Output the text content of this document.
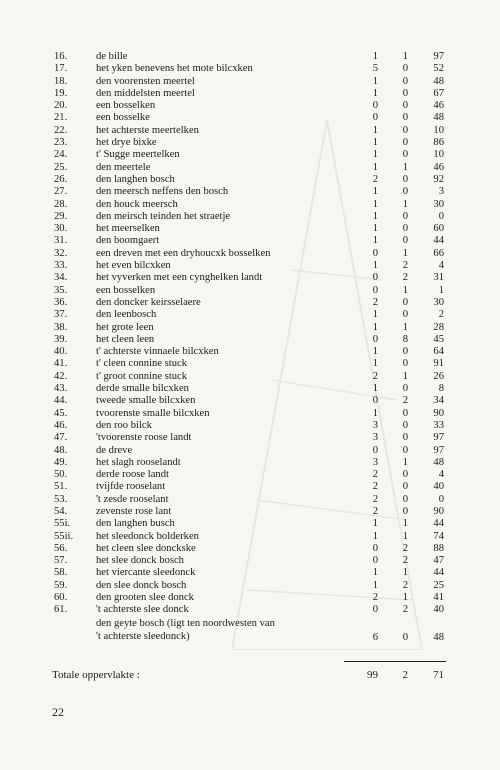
16.	de bille	1	1	97
17.	het yken benevens het mote bilcxken	5	0	52
18.	den voorensten meertel	1	0	48
19.	den middelsten meertel	1	0	67
20.	een bosselken	0	0	46
21.	een bosselke	0	0	48
22.	het achterste meertelken	1	0	10
23.	het drye bixke	1	0	86
24.	t' Sugge meertelken	1	0	10
25.	den meertele	1	1	46
26.	den langhen bosch	2	0	92
27.	den meersch neffens den bosch	1	0	3
28.	den houck meersch	1	1	30
29.	den meirsch teinden het straetje	1	0	0
30.	het meerselken	1	0	60
31.	den boomgaert	1	0	44
32.	een dreven met een dryhoucxk bosselken	0	1	66
33.	het even bilcxken	1	2	4
34.	het vyverken met een cynghelken landt	0	2	31
35.	een bosselken	0	1	1
36.	den doncker keirsselaere	2	0	30
37.	den leenbosch	1	0	2
38.	het grote leen	1	1	28
39.	het cleen leen	0	8	45
40.	t' achterste vinnaele bilcxken	1	0	64
41.	t' cleen connine stuck	1	0	91
42.	t' groot connine stuck	2	1	26
43.	derde smalle bilcxken	1	0	8
44.	tweede smalle bilcxken	0	2	34
45.	tvoorenste smalle bilcxken	1	0	90
46.	den roo bilck	3	0	33
47.	'tvoorenste roose landt	3	0	97
48.	de dreve	0	0	97
49.	het slagh rooselandt	3	1	48
50.	derde roose landt	2	0	4
51.	tvijfde rooselant	2	0	40
53.	't zesde rooselant	2	0	0
54.	zevenste rose lant	2	0	90
55i. den langhen busch	1	1	44
55ii. het sleedonck bolderken	1	1	74
56.	het cleen slee donckske	0	2	88
57.	het slee donck bosch	0	2	47
58.	het viercante sleedonck	1	1	44
59.	den slee donck bosch	1	2	25
60.	den grooten slee donck	2	1	41
61.	't achterste slee donck	0	2	40
den geyte bosch (ligt ten noordwesten van
't achterste sleedonck)	6	0	48
Totale oppervlakte :	99	2	71
22
